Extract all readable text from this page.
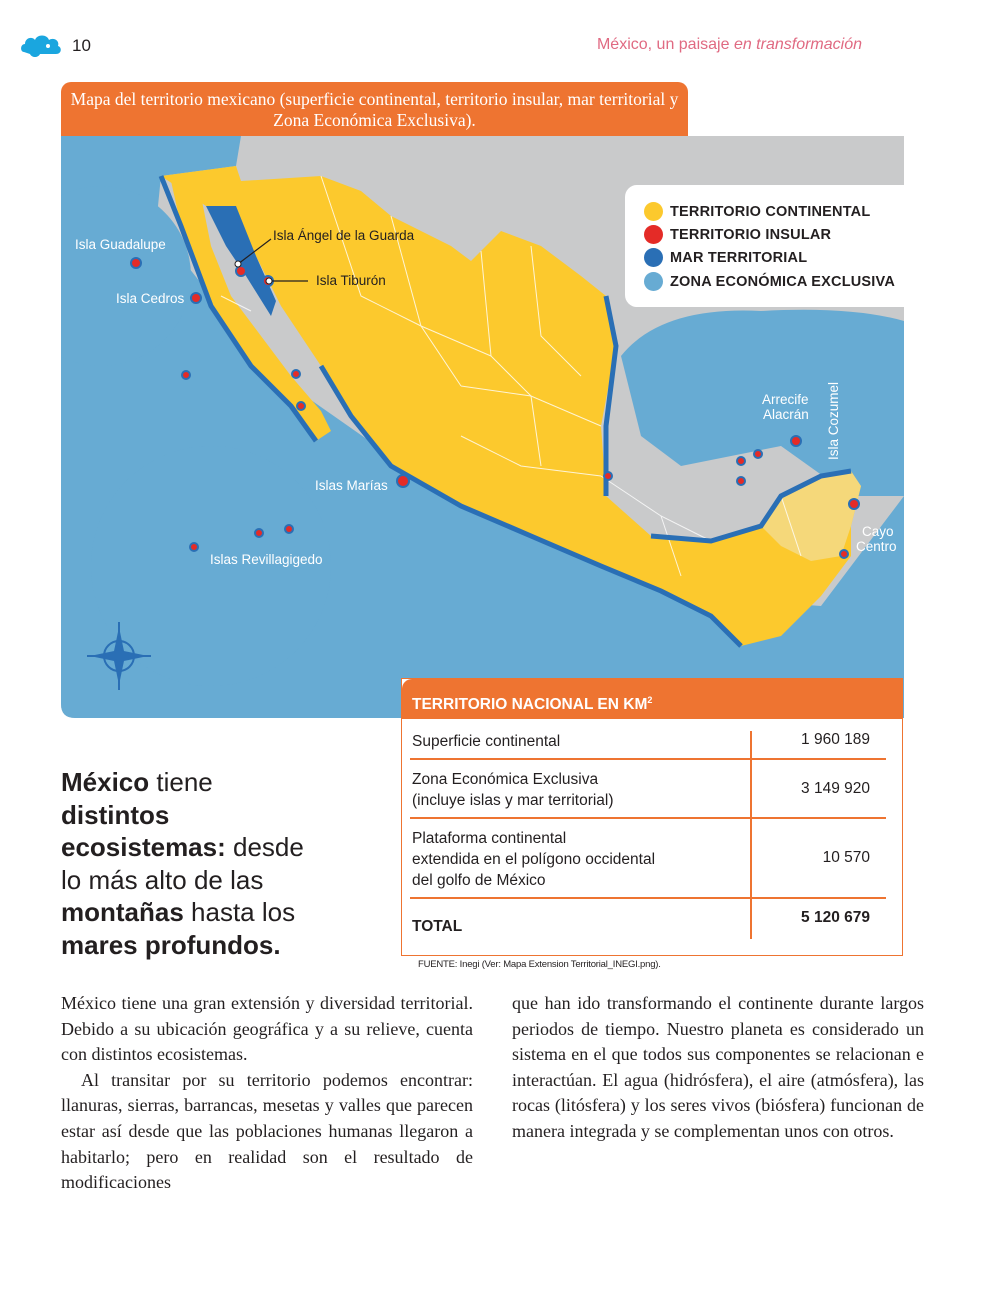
10	México, un paisaje en transformación
Mapa del territorio mexicano (superficie continental, territorio insular, mar territorial y Zona Económica Exclusiva).
Isla Guadalupe
Isla Cedros
Isla Ángel de la Guarda
Isla Tiburón
Islas Marías
Islas Revillagigedo
Arrecife
Alacrán Isla Cozumel
Cayo
Centro
TERRITORIO CONTINENTAL
TERRITORIO INSULAR
MAR TERRITORIAL
ZONA ECONÓMICA EXCLUSIVA
TERRITORIO NACIONAL EN $KM^2$
Superficie continental	1 960 189
Zona Económica Exclusiva
(incluye islas y mar territorial)
3 149 920
Plataforma continental
extendida en el polígono occidental
del golfo de México
10 570
TOTAL
5 120 679
FUENTE: Inegi (Ver: Mapa Extension Territorial_INEGI.png).
México tiene
distintos
ecosistemas: desde
lo más alto de las
montañas hasta los
mares profundos.

México tiene una gran extensión y diversidad territorial. Debido a su ubicación geográfica y a su relieve, cuenta con distintos ecosistemas.

Al transitar por su territorio podemos encontrar: llanuras, sierras, barrancas, mesetas y valles que parecen estar así desde que las poblaciones humanas llegaron a habitarlo; pero en realidad son el resultado de modificaciones

que han ido transformando el continente durante largos periodos de tiempo. Nuestro planeta es considerado un sistema en el que todos sus componentes se relacionan e interactúan. El agua (hidrósfera), el aire (atmósfera), las rocas (litósfera) y los seres vivos (biósfera) funcionan de manera integrada y se complementan unos con otros.
